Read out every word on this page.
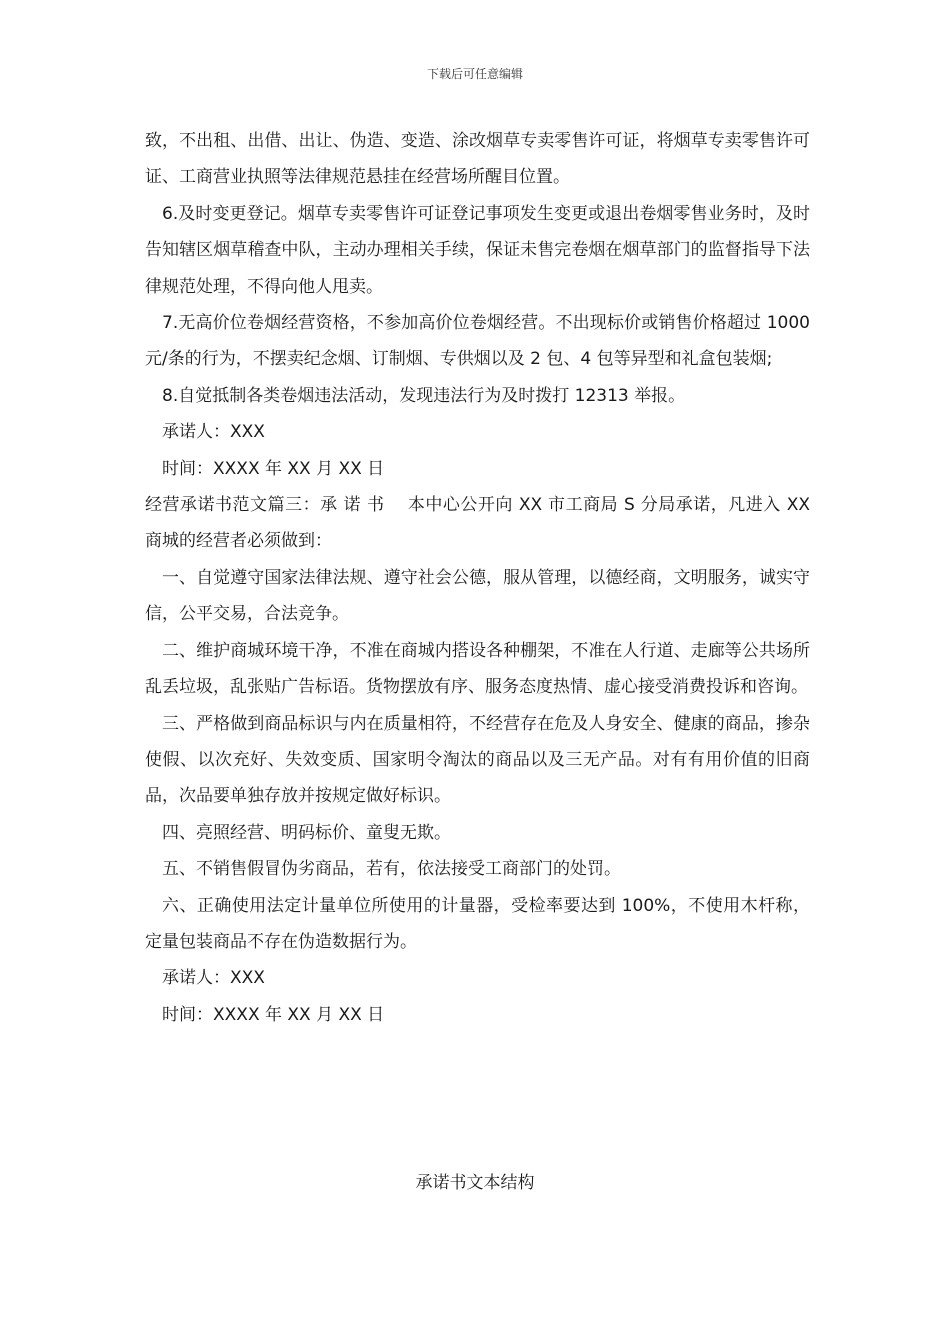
下载后可任意编辑

致，不出租、出借、出让、伪造、变造、涂改烟草专卖零售许可证，将烟草专卖零售许可证、工商营业执照等法律规范悬挂在经营场所醒目位置。

6.及时变更登记。烟草专卖零售许可证登记事项发生变更或退出卷烟零售业务时，及时告知辖区烟草稽查中队，主动办理相关手续，保证未售完卷烟在烟草部门的监督指导下法律规范处理，不得向他人甩卖。

7.无高价位卷烟经营资格，不参加高价位卷烟经营。不出现标价或销售价格超过 1000 元/条的行为，不摆卖纪念烟、订制烟、专供烟以及 2 包、4 包等异型和礼盒包装烟;

8.自觉抵制各类卷烟违法活动，发现违法行为及时拨打 12313 举报。

承诺人：XXX

时间：XXXX 年 XX 月 XX 日

经营承诺书范文篇三：承 诺 书　 本中心公开向 XX 市工商局 S 分局承诺，凡进入 XX 商城的经营者必须做到：

一、自觉遵守国家法律法规、遵守社会公德，服从管理，以德经商，文明服务，诚实守信，公平交易，合法竞争。

二、维护商城环境干净，不准在商城内搭设各种棚架，不准在人行道、走廊等公共场所乱丢垃圾，乱张贴广告标语。货物摆放有序、服务态度热情、虚心接受消费投诉和咨询。

三、严格做到商品标识与内在质量相符，不经营存在危及人身安全、健康的商品，掺杂使假、以次充好、失效变质、国家明令淘汰的商品以及三无产品。对有有用价值的旧商品，次品要单独存放并按规定做好标识。

四、亮照经营、明码标价、童叟无欺。

五、不销售假冒伪劣商品，若有，依法接受工商部门的处罚。

六、正确使用法定计量单位所使用的计量器，受检率要达到 100%，不使用木杆称，定量包装商品不存在伪造数据行为。

承诺人：XXX

时间：XXXX 年 XX 月 XX 日

承诺书文本结构
